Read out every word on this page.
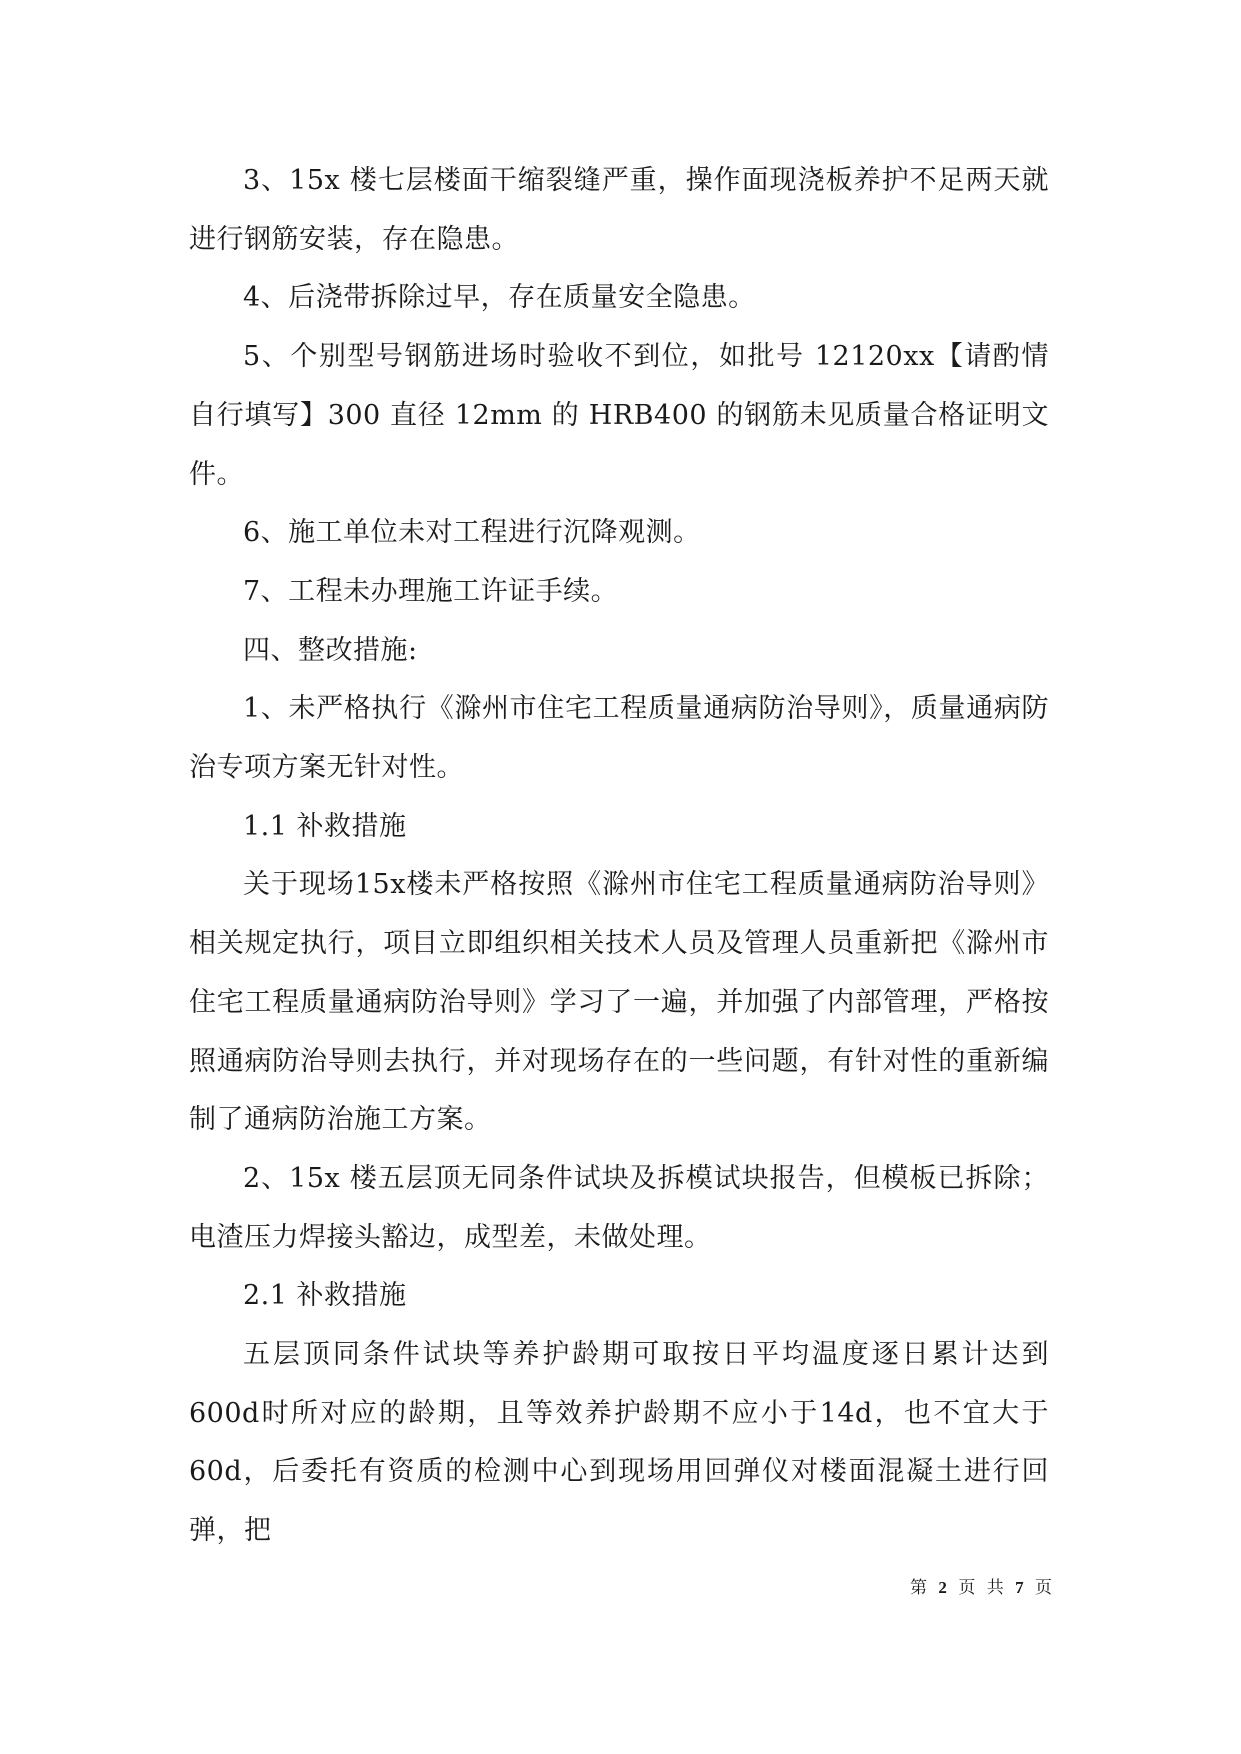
3、15x 楼七层楼面干缩裂缝严重，操作面现浇板养护不足两天就进行钢筋安装，存在隐患。

4、后浇带拆除过早，存在质量安全隐患。

5、个别型号钢筋进场时验收不到位，如批号 12120xx【请酌情自行填写】300 直径 12mm 的 HRB400 的钢筋未见质量合格证明文件。

6、施工单位未对工程进行沉降观测。

7、工程未办理施工许证手续。

四、整改措施:

1、未严格执行《滁州市住宅工程质量通病防治导则》，质量通病防治专项方案无针对性。

1.1 补救措施

关于现场15x楼未严格按照《滁州市住宅工程质量通病防治导则》相关规定执行，项目立即组织相关技术人员及管理人员重新把《滁州市住宅工程质量通病防治导则》学习了一遍，并加强了内部管理，严格按照通病防治导则去执行，并对现场存在的一些问题，有针对性的重新编制了通病防治施工方案。

2、15x 楼五层顶无同条件试块及拆模试块报告，但模板已拆除；电渣压力焊接头豁边，成型差，未做处理。

2.1 补救措施

五层顶同条件试块等养护龄期可取按日平均温度逐日累计达到600d时所对应的龄期，且等效养护龄期不应小于14d，也不宜大于60d，后委托有资质的检测中心到现场用回弹仪对楼面混凝土进行回弹，把

第 2 页 共 7 页
